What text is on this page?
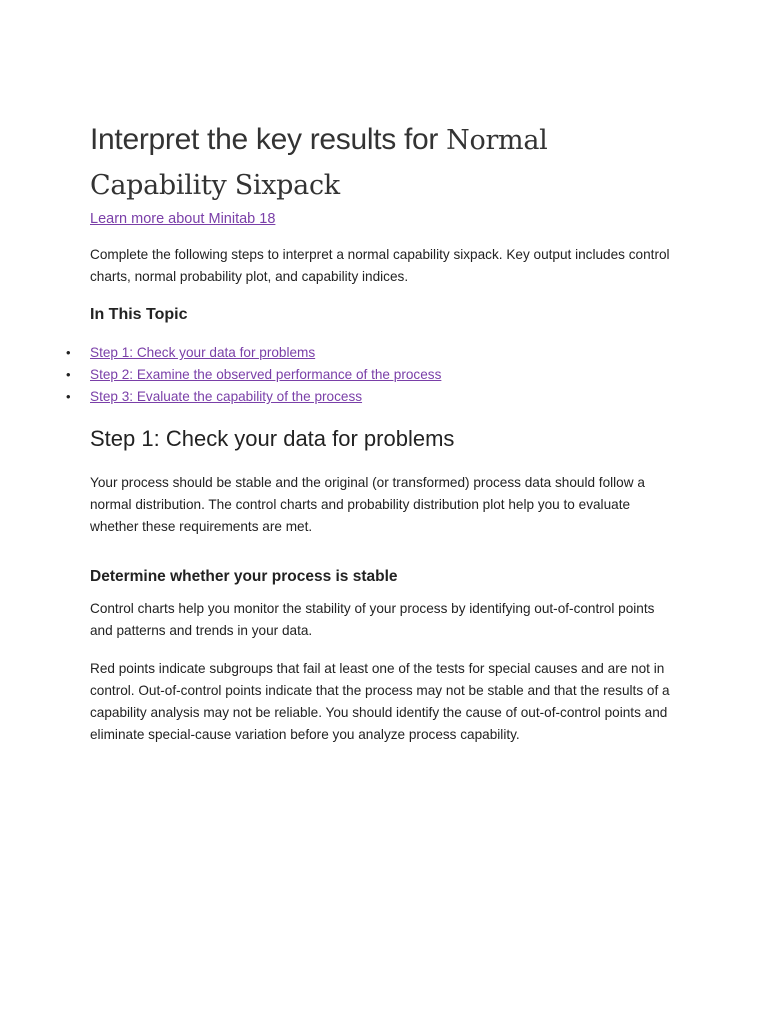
Interpret the key results for Normal
Capability Sixpack
Learn more about Minitab 18

Complete the following steps to interpret a normal capability sixpack. Key output includes control charts, normal probability plot, and capability indices.

In This Topic
• Step 1: Check your data for problems
• Step 2: Examine the observed performance of the process
• Step 3: Evaluate the capability of the process
Step 1: Check your data for problems

Your process should be stable and the original (or transformed) process data should follow a normal distribution. The control charts and probability distribution plot help you to evaluate whether these requirements are met.

Determine whether your process is stable

Control charts help you monitor the stability of your process by identifying out-of-control points and patterns and trends in your data.

Red points indicate subgroups that fail at least one of the tests for special causes and are not in control. Out-of-control points indicate that the process may not be stable and that the results of a capability analysis may not be reliable. You should identify the cause of out-of-control points and eliminate special-cause variation before you analyze process capability.
